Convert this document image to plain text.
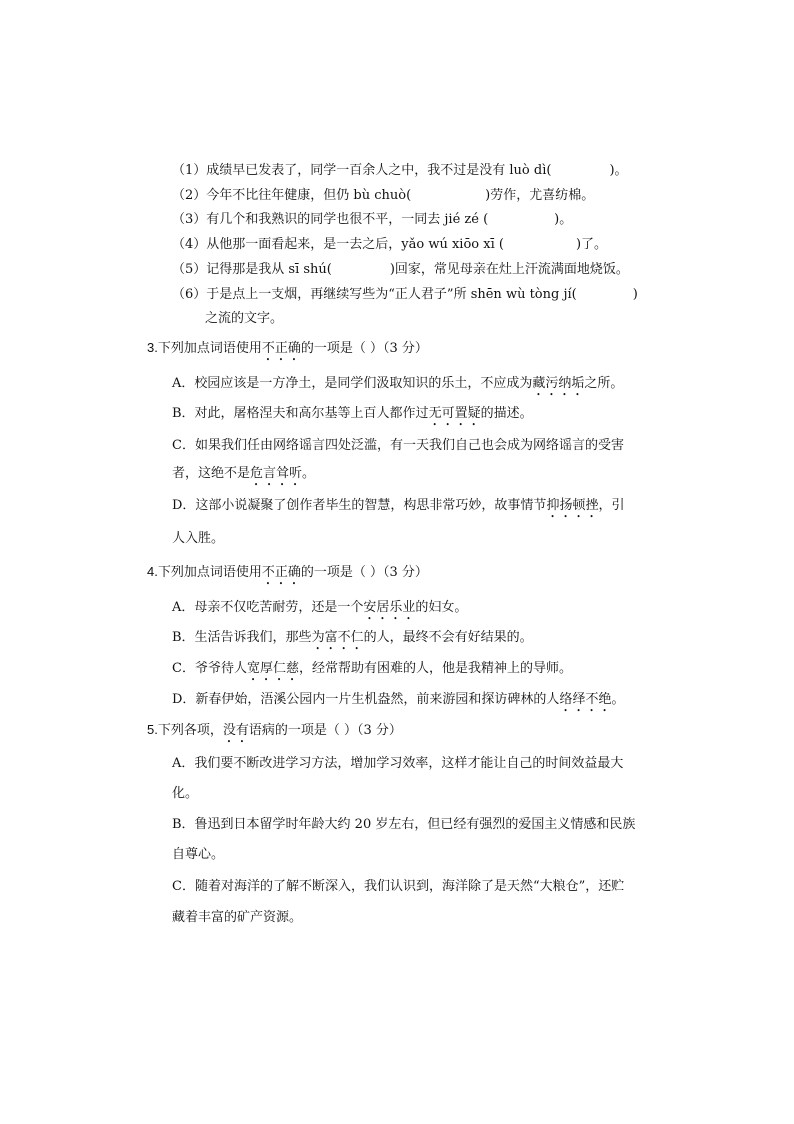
（1）成绩早已发表了，同学一百余人之中，我不过是没有 luò dì(	)。
（2）今年不比往年健康，但仍 bù chuò(	)劳作，尤喜纺棉。
（3）有几个和我熟识的同学也很不平，一同去 jié zé (	)。
（4）从他那一面看起来，是一去之后，yǎo wú xiōo xī (	)了。
（5）记得那是我从 sī shú(	)回家，常见母亲在灶上汗流满面地烧饭。
（6）于是点上一支烟，再继续写些为“正人君子”所 shēn wù tòng jí(	)
之流的文字。
3.下列加点词语使用不正确的一项是（ ）（3 分）
A．校园应该是一方净土，是同学们汲取知识的乐土，不应成为藏污纳垢之所。
B．对此，屠格涅夫和高尔基等上百人都作过无可置疑的描述。
C．如果我们任由网络谣言四处泛滥，有一天我们自己也会成为网络谣言的受害
者，这绝不是危言耸听。
D．这部小说凝聚了创作者毕生的智慧，构思非常巧妙，故事情节抑扬顿挫，引
人入胜。
4.下列加点词语使用不正确的一项是（ ）（3 分）
A．母亲不仅吃苦耐劳，还是一个安居乐业的妇女。
B．生活告诉我们，那些为富不仁的人，最终不会有好结果的。
C．爷爷待人宽厚仁慈，经常帮助有困难的人，他是我精神上的导师。
D．新春伊始，浯溪公园内一片生机盎然，前来游园和探访碑林的人络绎不绝。
5.下列各项，没有语病的一项是（ ）（3 分）
A．我们要不断改进学习方法，增加学习效率，这样才能让自己的时间效益最大
化。
B．鲁迅到日本留学时年龄大约 20 岁左右，但已经有强烈的爱国主义情感和民族
自尊心。
C．随着对海洋的了解不断深入，我们认识到，海洋除了是天然“大粮仓”，还贮
藏着丰富的矿产资源。
